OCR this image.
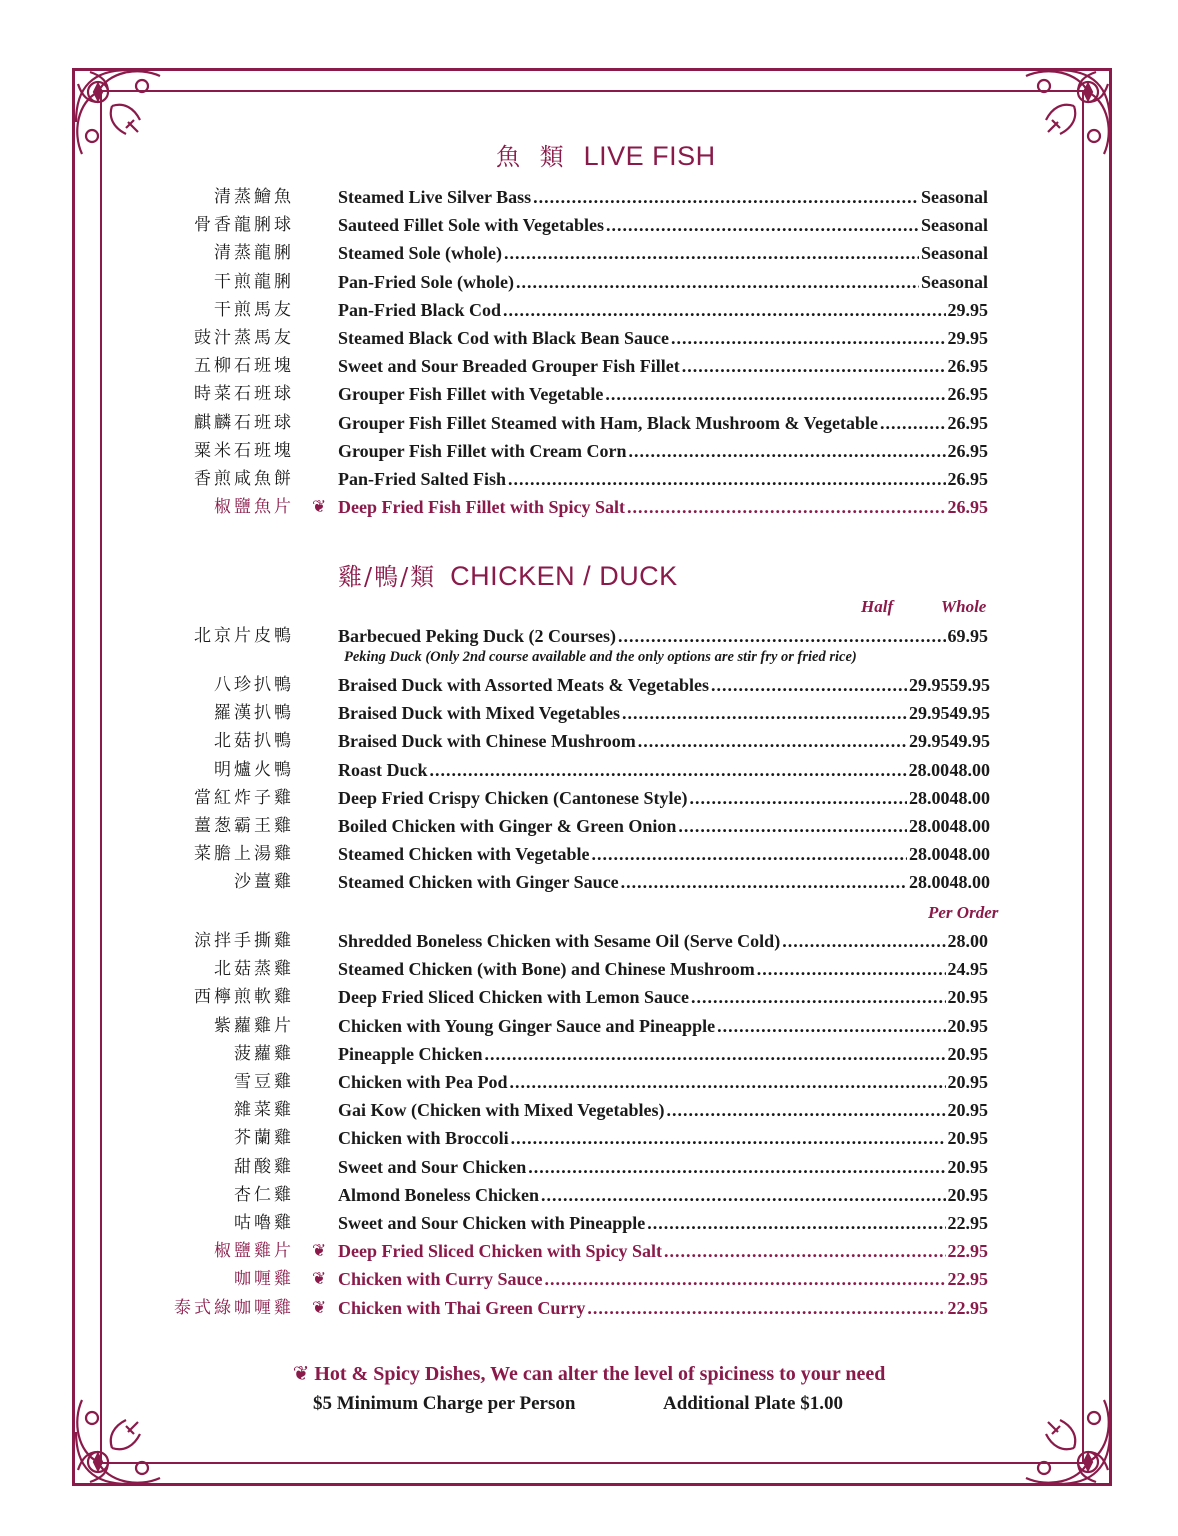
魚 類 LIVE FISH
清蒸鱠魚 Steamed Live Silver Bass .....	Seasonal
骨香龍脷球 Sauteed Fillet Sole with Vegetables .....	Seasonal
清蒸龍脷 Steamed Sole (whole) .....	Seasonal
干煎龍脷 Pan-Fried Sole (whole) .....	Seasonal
干煎馬友 Pan-Fried Black Cod .....	29.95
豉汁蒸馬友 Steamed Black Cod with Black Bean Sauce .....	29.95
五柳石班塊 Sweet and Sour Breaded Grouper Fish Fillet .....	26.95
時菜石班球 Grouper Fish Fillet with Vegetable .....	26.95
麒麟石班球 Grouper Fish Fillet Steamed with Ham, Black Mushroom & Vegetable .....	26.95
粟米石班塊 Grouper Fish Fillet with Cream Corn .....	26.95
香煎咸魚餅 Pan-Fried Salted Fish .....	26.95
椒鹽魚片 ❦ Deep Fried Fish Fillet with Spicy Salt .....	26.95
雞/鴨/類 CHICKEN / DUCK
Half	Whole
北京片皮鴨 Barbecued Peking Duck (2 Courses) .....	69.95
Peking Duck (Only 2nd course available and the only options are stir fry or fried rice)
八珍扒鴨 Braised Duck with Assorted Meats & Vegetables .....	29.95 59.95
羅漢扒鴨 Braised Duck with Mixed Vegetables .....	29.95 49.95
北菇扒鴨 Braised Duck with Chinese Mushroom .....	29.95 49.95
明爐火鴨 Roast Duck .....	28.00 48.00
當紅炸子雞 Deep Fried Crispy Chicken (Cantonese Style) .....	28.00 48.00
薑葱霸王雞 Boiled Chicken with Ginger & Green Onion .....	28.00 48.00
菜膽上湯雞 Steamed Chicken with Vegetable .....	28.00 48.00
沙薑雞 Steamed Chicken with Ginger Sauce .....	28.00 48.00
Per Order
涼拌手撕雞 Shredded Boneless Chicken with Sesame Oil (Serve Cold) .....	28.00
北菇蒸雞 Steamed Chicken (with Bone) and Chinese Mushroom .....	24.95
西檸煎軟雞 Deep Fried Sliced Chicken with Lemon Sauce .....	20.95
紫蘿雞片 Chicken with Young Ginger Sauce and Pineapple .....	20.95
菠蘿雞 Pineapple Chicken .....	20.95
雪豆雞 Chicken with Pea Pod .....	20.95
雜菜雞 Gai Kow (Chicken with Mixed Vegetables) .....	20.95
芥蘭雞 Chicken with Broccoli .....	20.95
甜酸雞 Sweet and Sour Chicken .....	20.95
杏仁雞 Almond Boneless Chicken .....	20.95
咕嚕雞 Sweet and Sour Chicken with Pineapple .....	22.95
椒鹽雞片 ❦ Deep Fried Sliced Chicken with Spicy Salt .....	22.95
咖喱雞 ❦ Chicken with Curry Sauce .....	22.95
泰式綠咖喱雞 ❦ Chicken with Thai Green Curry .....	22.95
❦ Hot & Spicy Dishes, We can alter the level of spiciness to your need
$5 Minimum Charge per Person	Additional Plate $1.00
